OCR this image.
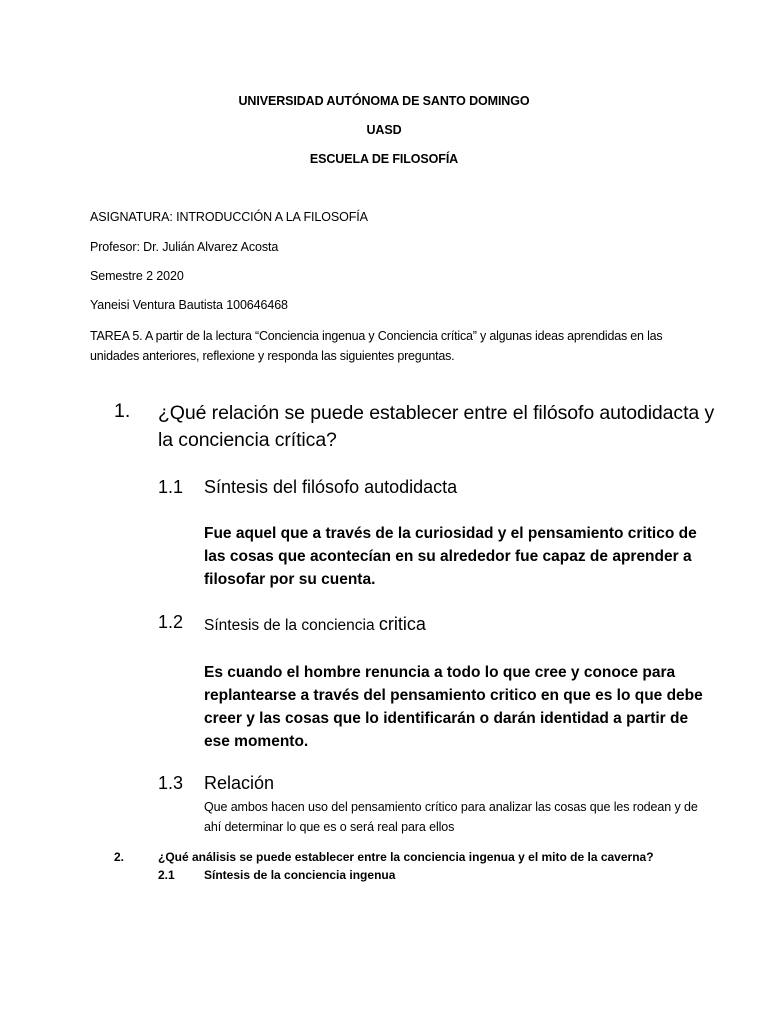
UNIVERSIDAD AUTÓNOMA DE SANTO DOMINGO
UASD
ESCUELA DE FILOSOFÍA
ASIGNATURA: INTRODUCCIÓN A LA FILOSOFÍA
Profesor: Dr. Julián Alvarez Acosta
Semestre 2 2020
Yaneisi Ventura Bautista 100646468
TAREA 5. A partir de la lectura “Conciencia ingenua y Conciencia crítica” y algunas ideas aprendidas en las unidades anteriores, reflexione y responda las siguientes preguntas.
1. ¿Qué relación se puede establecer entre el filósofo autodidacta y la conciencia crítica?
1.1 Síntesis del filósofo autodidacta
Fue aquel que a través de la curiosidad y el pensamiento critico de las cosas que acontecían en su alrededor fue capaz de aprender a filosofar por su cuenta.
1.2 Síntesis de la conciencia critica
Es cuando el hombre renuncia a todo lo que cree y conoce para replantearse a través del pensamiento critico en que es lo que debe creer y las cosas que lo identificarán o darán identidad a partir de ese momento.
1.3 Relación
Que ambos hacen uso del pensamiento crítico para analizar las cosas que les rodean y de ahí determinar lo que es o será real para ellos
2.	¿Qué análisis se puede establecer entre la conciencia ingenua y el mito de la caverna?
2.1 Síntesis de la conciencia ingenua
